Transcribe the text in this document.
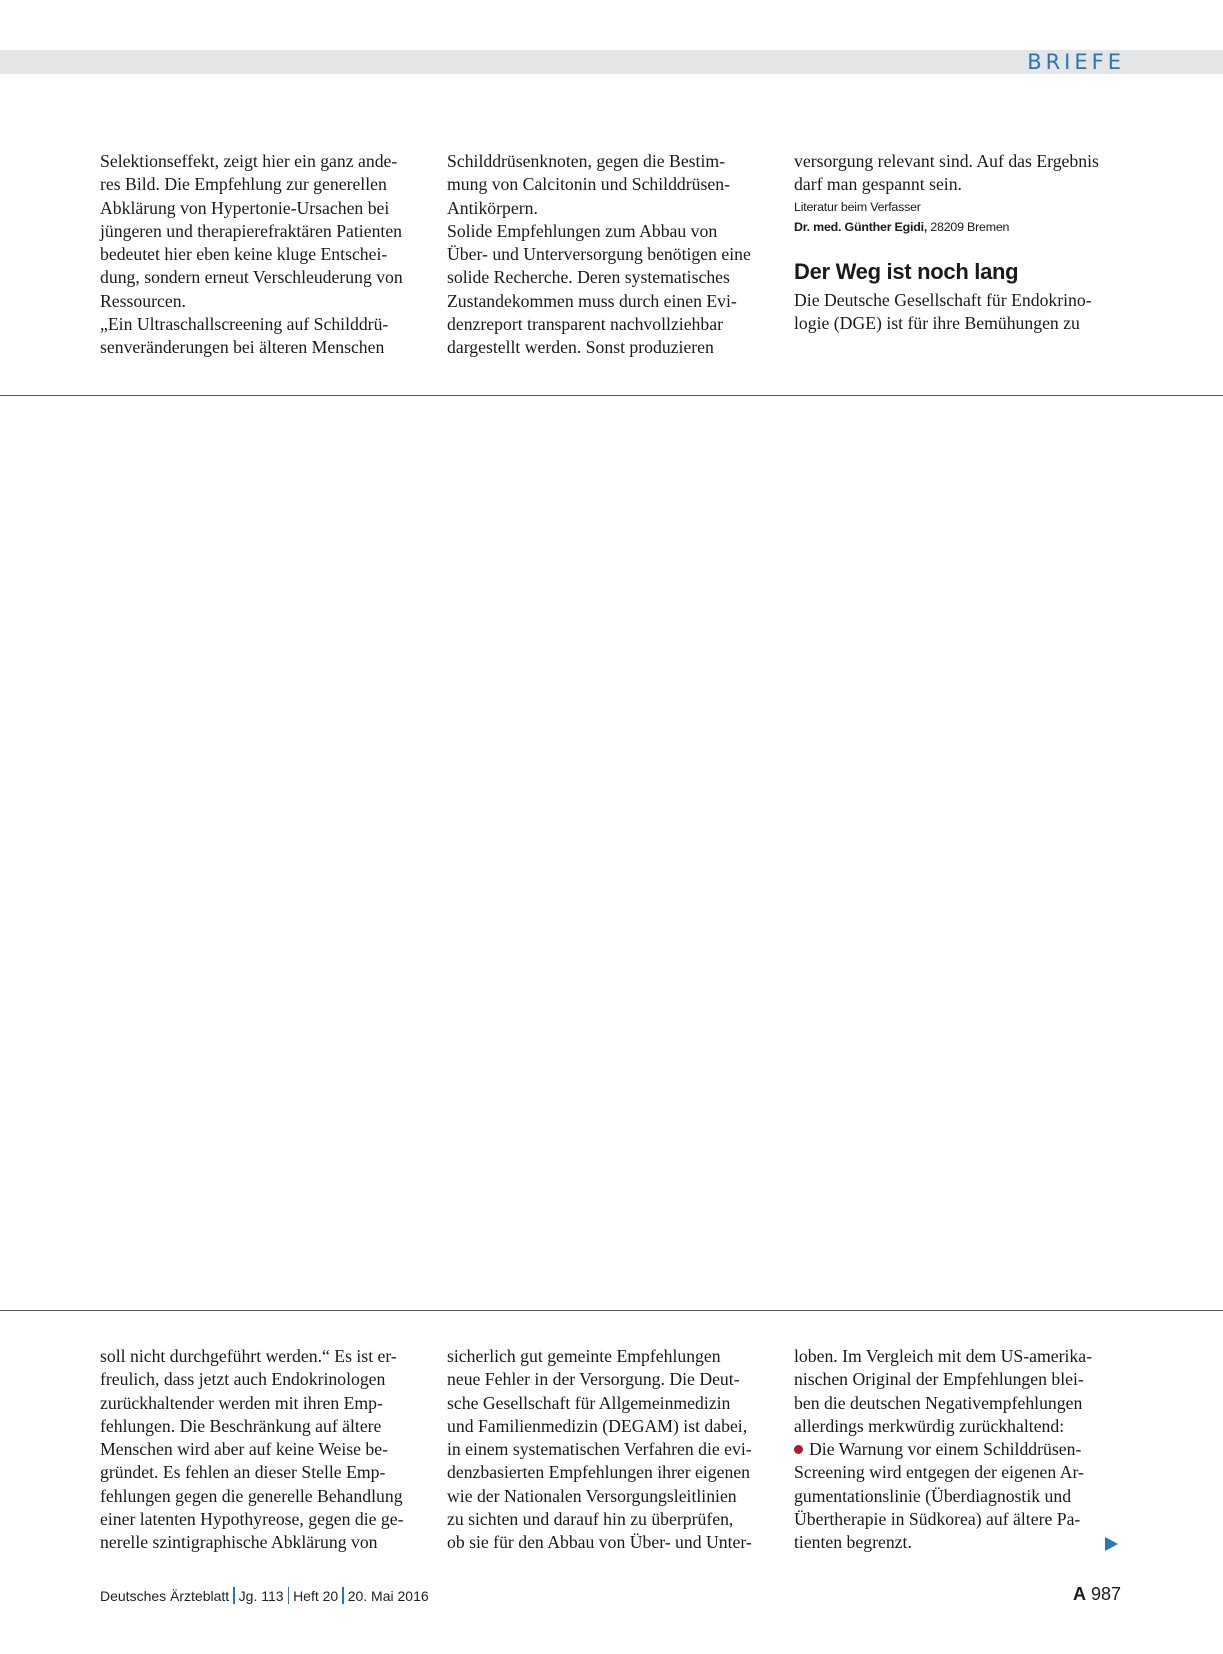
BRIEFE

Selektionseffekt, zeigt hier ein ganz ande-

res Bild. Die Empfehlung zur generellen

Abklärung von Hypertonie-Ursachen bei

jüngeren und therapierefraktären Patienten

bedeutet hier eben keine kluge Entschei-

dung, sondern erneut Verschleuderung von

Ressourcen.

„Ein Ultraschallscreening auf Schilddrü-

senveränderungen bei älteren Menschen

Schilddrüsenknoten, gegen die Bestim-

mung von Calcitonin und Schilddrüsen-

Antikörpern.

Solide Empfehlungen zum Abbau von

Über- und Unterversorgung benötigen eine

solide Recherche. Deren systematisches

Zustandekommen muss durch einen Evi-

denzreport transparent nachvollziehbar

dargestellt werden. Sonst produzieren

versorgung relevant sind. Auf das Ergebnis

darf man gespannt sein.

Literatur beim Verfasser

Dr. med. Günther Egidi, 28209 Bremen

Der Weg ist noch lang

Die Deutsche Gesellschaft für Endokrino-

logie (DGE) ist für ihre Bemühungen zu

soll nicht durchgeführt werden.“ Es ist er-

freulich, dass jetzt auch Endokrinologen

zurückhaltender werden mit ihren Emp-

fehlungen. Die Beschränkung auf ältere

Menschen wird aber auf keine Weise be-

gründet. Es fehlen an dieser Stelle Emp-

fehlungen gegen die generelle Behandlung

einer latenten Hypothyreose, gegen die ge-

nerelle szintigraphische Abklärung von

sicherlich gut gemeinte Empfehlungen

neue Fehler in der Versorgung. Die Deut-

sche Gesellschaft für Allgemeinmedizin

und Familienmedizin (DEGAM) ist dabei,

in einem systematischen Verfahren die evi-

denzbasierten Empfehlungen ihrer eigenen

wie der Nationalen Versorgungsleitlinien

zu sichten und darauf hin zu überprüfen,

ob sie für den Abbau von Über- und Unter-

loben. Im Vergleich mit dem US-amerika-

nischen Original der Empfehlungen blei-

ben die deutschen Negativempfehlungen

allerdings merkwürdig zurückhaltend:

Die Warnung vor einem Schilddrüsen-

Screening wird entgegen der eigenen Ar-

gumentationslinie (Überdiagnostik und

Übertherapie in Südkorea) auf ältere Pa-

tienten begrenzt.

Deutsches Ärzteblatt Jg. 113 Heft 20 20. Mai 2016	A 987
